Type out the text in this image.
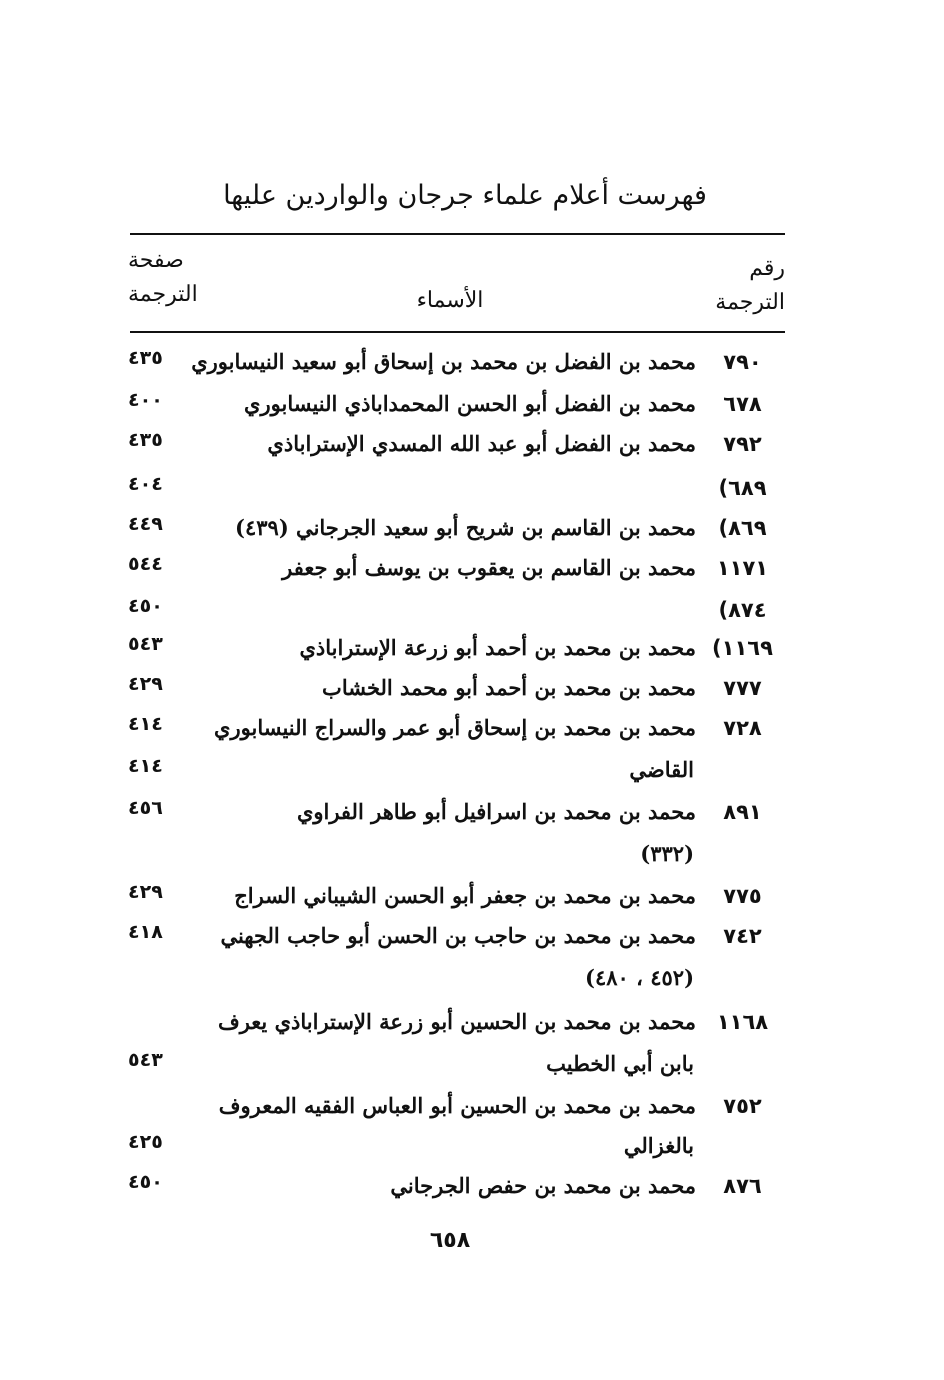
فهرست أعلام علماء جرجان والواردين عليها
رقم
الترجمة
الأسماء
صفحة
الترجمة
٧٩٠
محمد بن الفضل بن محمد بن إسحاق أبو سعيد النيسابوري
٤٣٥
٦٧٨
محمد بن الفضل أبو الحسن المحمداباذي النيسابوري
٤٠٠
٧٩٢
محمد بن الفضل أبو عبد الله المسدي الإستراباذي
٤٣٥
٦٨٩)
٤٠٤
٨٦٩)
محمد بن القاسم بن شريح أبو سعيد الجرجاني (٤٣٩)
٤٤٩
١١٧١
محمد بن القاسم بن يعقوب بن يوسف أبو جعفر
٥٤٤
٨٧٤)
٤٥٠
١١٦٩)
محمد بن محمد بن أحمد أبو زرعة الإستراباذي
٥٤٣
٧٧٧
محمد بن محمد بن أحمد أبو محمد الخشاب
٤٢٩
٧٢٨
محمد بن محمد بن إسحاق أبو عمر والسراج النيسابوري
٤١٤
القاضي
٤١٤
٨٩١
محمد بن محمد بن اسرافيل أبو طاهر الفراوي
٤٥٦
(٣٣٢)
٧٧٥
محمد بن محمد بن جعفر أبو الحسن الشيباني السراج
٤٢٩
٧٤٢
محمد بن محمد بن حاجب بن الحسن أبو حاجب الجهني
٤١٨
(٤٥٢ ، ٤٨٠)
١١٦٨
محمد بن محمد بن الحسين أبو زرعة الإستراباذي يعرف
بابن أبي الخطيب
٥٤٣
٧٥٢
محمد بن محمد بن الحسين أبو العباس الفقيه المعروف
بالغزالي
٤٢٥
٨٧٦
محمد بن محمد بن حفص الجرجاني
٤٥٠
٦٥٨
